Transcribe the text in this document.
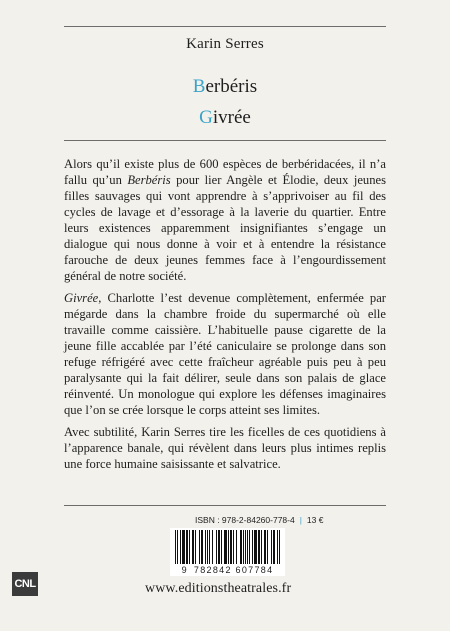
Karin Serres
Berbéris
Givrée

Alors qu’il existe plus de 600 espèces de berbéridacées, il n’a fallu qu’un Berbéris pour lier Angèle et Élodie, deux jeunes filles sauvages qui vont apprendre à s’apprivoiser au fil des cycles de lavage et d’essorage à la laverie du quartier. Entre leurs existences apparemment insignifiantes s’engage un dialogue qui nous donne à voir et à entendre la résistance farouche de deux jeunes femmes face à l’engourdissement général de notre société.

Givrée, Charlotte l’est devenue complètement, enfermée par mégarde dans la chambre froide du supermarché où elle travaille comme caissière. L’habituelle pause cigarette de la jeune fille accablée par l’été caniculaire se prolonge dans son refuge réfrigéré avec cette fraîcheur agréable puis peu à peu paralysante qui la fait délirer, seule dans son palais de glace réinventé. Un monologue qui explore les défenses imaginaires que l’on se crée lorsque le corps atteint ses limites.

Avec subtilité, Karin Serres tire les ficelles de ces quotidiens à l’apparence banale, qui révèlent dans leurs plus intimes replis une force humaine saisissante et salvatrice.

ISBN : 978-2-84260-778-4 | 13 €
9 782842 607784
CNL	www.editionstheatrales.fr
